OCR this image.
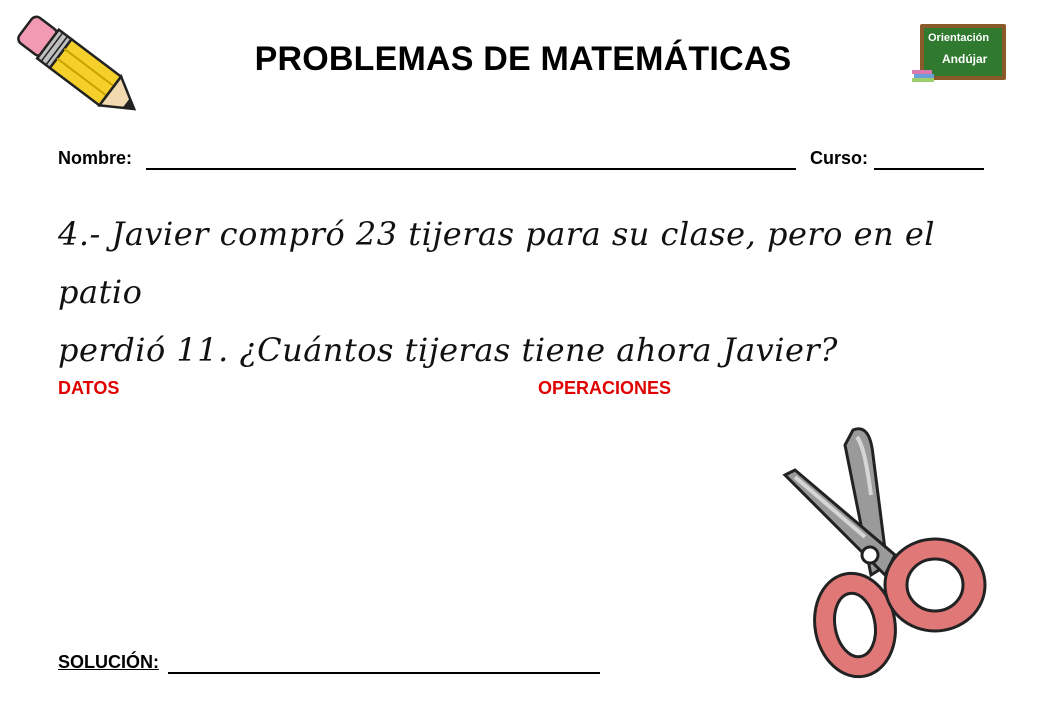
PROBLEMAS DE MATEMÁTICAS
Orientación
Andújar
Nombre:	Curso:
4.- Javier compró 23 tijeras para su clase, pero en el patio
perdió 11. ¿Cuántos tijeras tiene ahora Javier?
DATOS	OPERACIONES
SOLUCIÓN:
